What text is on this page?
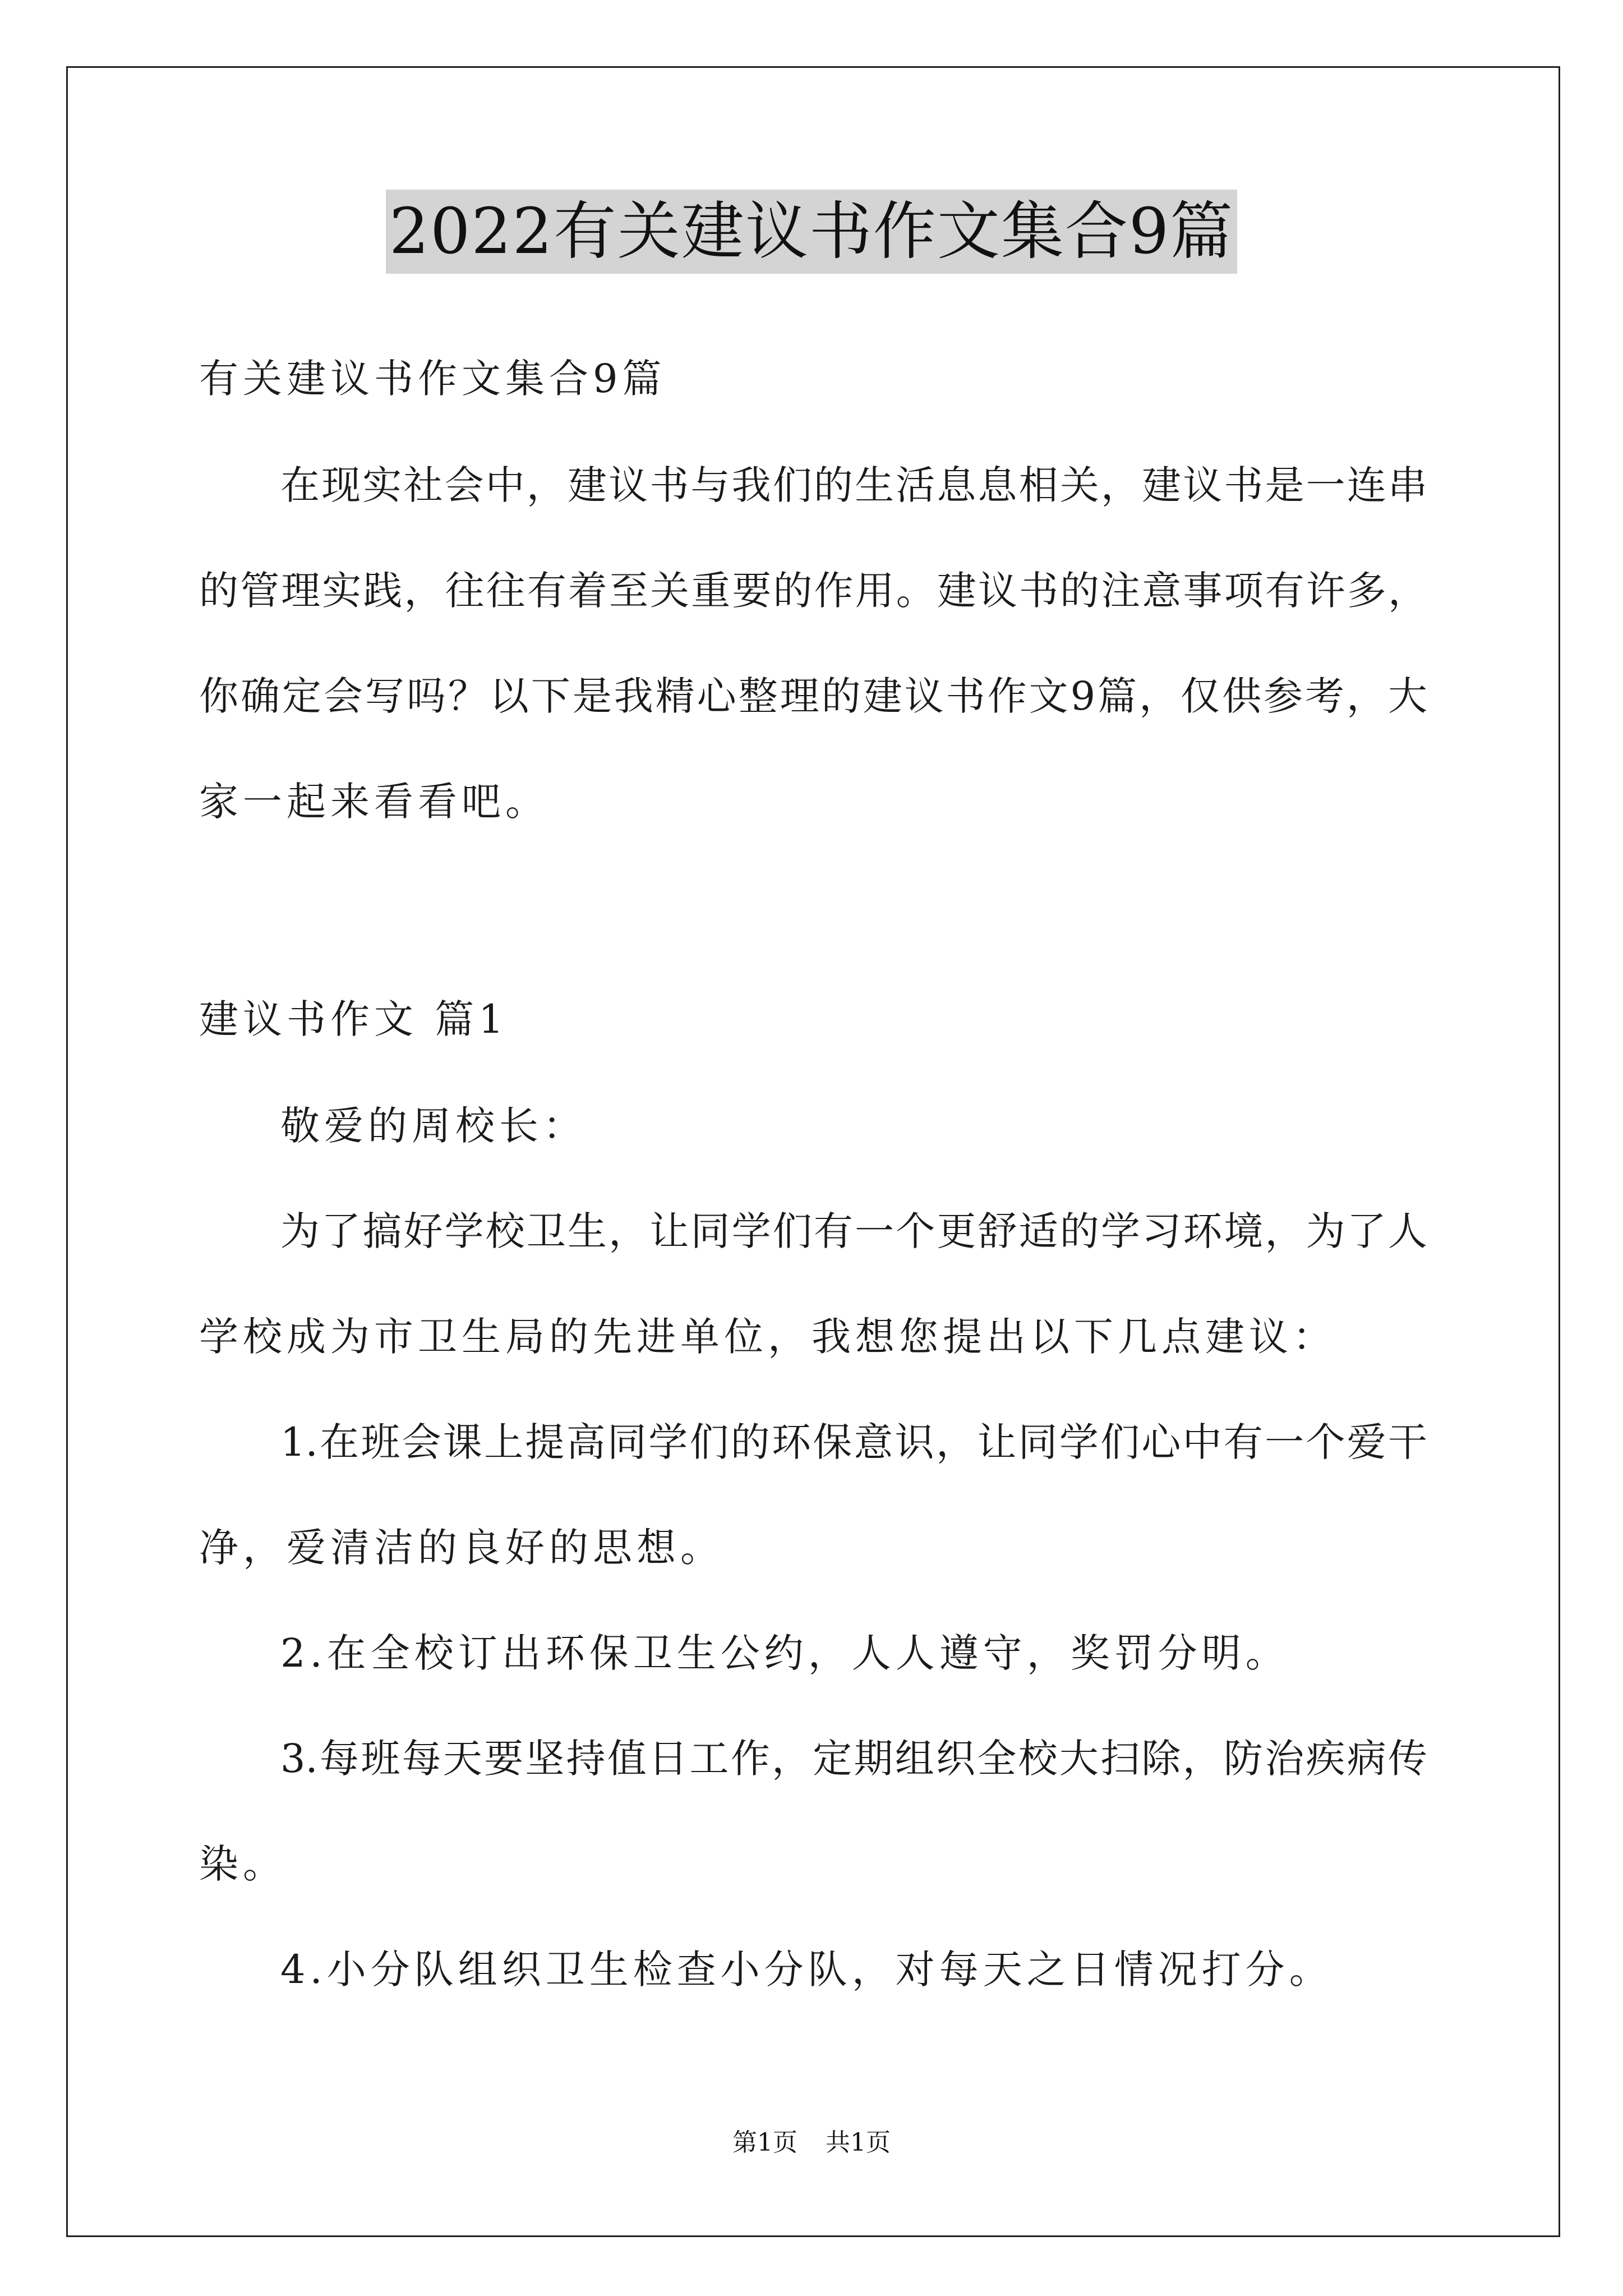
2022有关建议书作文集合9篇
有关建议书作文集合9篇
在现实社会中，建议书与我们的生活息息相关，建议书是一连串
的管理实践，往往有着至关重要的作用。建议书的注意事项有许多，
你确定会写吗？以下是我精心整理的建议书作文9篇，仅供参考，大
家一起来看看吧。
建议书作文 篇1
敬爱的周校长：
为了搞好学校卫生，让同学们有一个更舒适的学习环境，为了人
学校成为市卫生局的先进单位，我想您提出以下几点建议：
1.在班会课上提高同学们的环保意识，让同学们心中有一个爱干
净，爱清洁的良好的思想。
2.在全校订出环保卫生公约，人人遵守，奖罚分明。
3.每班每天要坚持值日工作，定期组织全校大扫除，防治疾病传
染。
4.小分队组织卫生检查小分队，对每天之日情况打分。
第1页 共1页
